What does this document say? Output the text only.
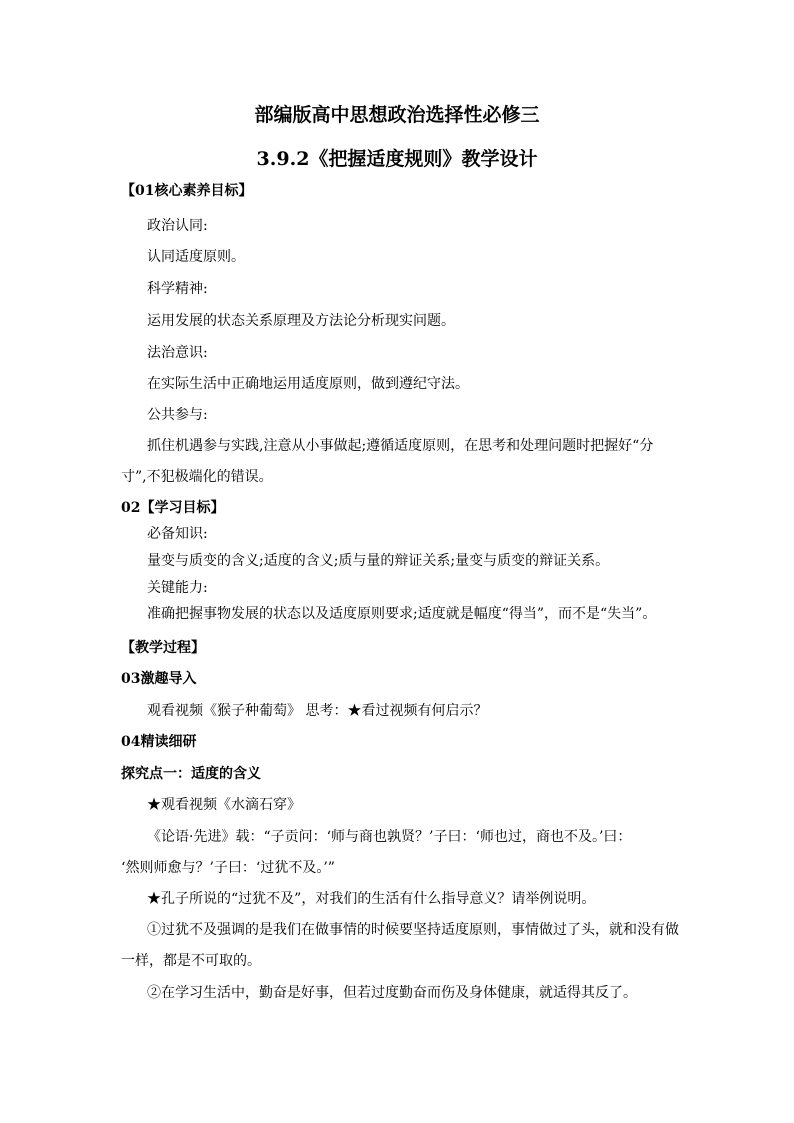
部编版高中思想政治选择性必修三
3.9.2《把握适度规则》教学设计
【01核心素养目标】
政治认同:
认同适度原则。
科学精神:
运用发展的状态关系原理及方法论分析现实问题。
法治意识:
在实际生活中正确地运用适度原则，做到遵纪守法。
公共参与:
抓住机遇参与实践,注意从小事做起;遵循适度原则，在思考和处理问题时把握好“分
寸”,不犯极端化的错误。
02【学习目标】
必备知识:
量变与质变的含义;适度的含义;质与量的辩证关系;量变与质变的辩证关系。
关键能力:
准确把握事物发展的状态以及适度原则要求;适度就是幅度“得当”，而不是“失当”。
【教学过程】
03激趣导入
观看视频《猴子种葡萄》 思考：★看过视频有何启示？
04精读细研
探究点一：适度的含义
★观看视频《水滴石穿》
《论语·先进》载：“子贡问：‘师与商也孰贤？’子曰：‘师也过，商也不及。’曰：
‘然则师愈与？’子曰：‘过犹不及。’”
★孔子所说的“过犹不及”，对我们的生活有什么指导意义？请举例说明。
①过犹不及强调的是我们在做事情的时候要坚持适度原则，事情做过了头，就和没有做
一样，都是不可取的。
②在学习生活中，勤奋是好事，但若过度勤奋而伤及身体健康，就适得其反了。
